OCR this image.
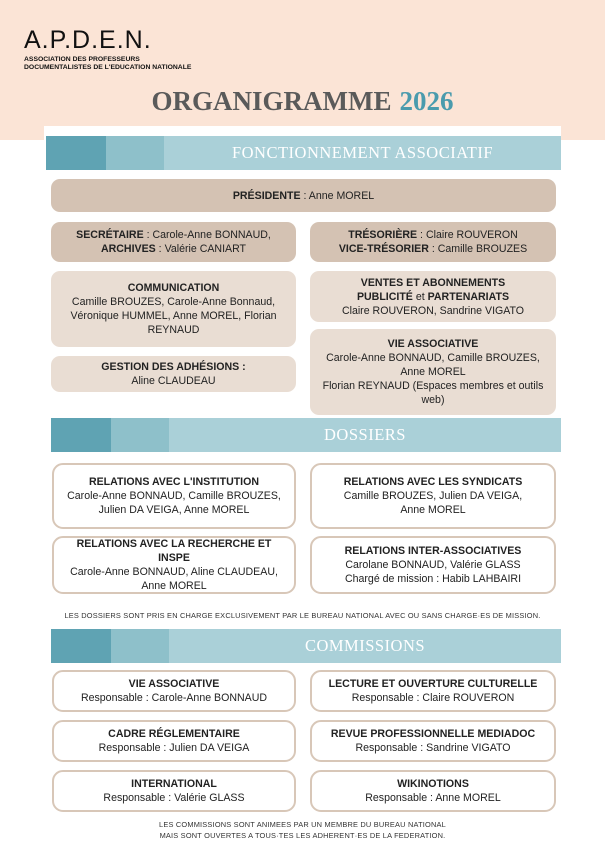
A.P.D.E.N.
ASSOCIATION DES PROFESSEURS
DOCUMENTALISTES DE L'EDUCATION NATIONALE
ORGANIGRAMME 2026
FONCTIONNEMENT ASSOCIATIF
PRÉSIDENTE : Anne MOREL
SECRÉTAIRE : Carole-Anne BONNAUD,
ARCHIVES : Valérie CANIART
TRÉSORIÈRE : Claire ROUVERON
VICE-TRÉSORIER : Camille BROUZES
COMMUNICATION
Camille BROUZES, Carole-Anne Bonnaud,
Véronique HUMMEL, Anne MOREL, Florian
REYNAUD
VENTES ET ABONNEMENTS
PUBLICITÉ et PARTENARIATS
Claire ROUVERON, Sandrine VIGATO
VIE ASSOCIATIVE
Carole-Anne BONNAUD, Camille BROUZES,
Anne MOREL
Florian REYNAUD (Espaces membres et outils
web)
GESTION DES ADHÉSIONS :
Aline CLAUDEAU
DOSSIERS
RELATIONS AVEC L'INSTITUTION
Carole-Anne BONNAUD, Camille BROUZES,
Julien DA VEIGA, Anne MOREL
RELATIONS AVEC LES SYNDICATS
Camille BROUZES, Julien DA VEIGA,
Anne MOREL
RELATIONS AVEC LA RECHERCHE ET INSPE
Carole-Anne BONNAUD, Aline CLAUDEAU,
Anne MOREL
RELATIONS INTER-ASSOCIATIVES
Carolane BONNAUD, Valérie GLASS
Chargé de mission : Habib LAHBAIRI
LES DOSSIERS SONT PRIS EN CHARGE EXCLUSIVEMENT PAR LE BUREAU NATIONAL AVEC OU SANS CHARGE·ES DE MISSION.
COMMISSIONS
VIE ASSOCIATIVE
Responsable : Carole-Anne BONNAUD
LECTURE ET OUVERTURE CULTURELLE
Responsable : Claire ROUVERON
CADRE RÉGLEMENTAIRE
Responsable : Julien DA VEIGA
REVUE PROFESSIONNELLE MEDIADOC
Responsable : Sandrine VIGATO
INTERNATIONAL
Responsable : Valérie GLASS
WIKINOTIONS
Responsable : Anne MOREL
LES COMMISSIONS SONT ANIMEES PAR UN MEMBRE DU BUREAU NATIONAL
MAIS SONT OUVERTES A TOUS·TES LES ADHERENT·ES DE LA FEDERATION.
